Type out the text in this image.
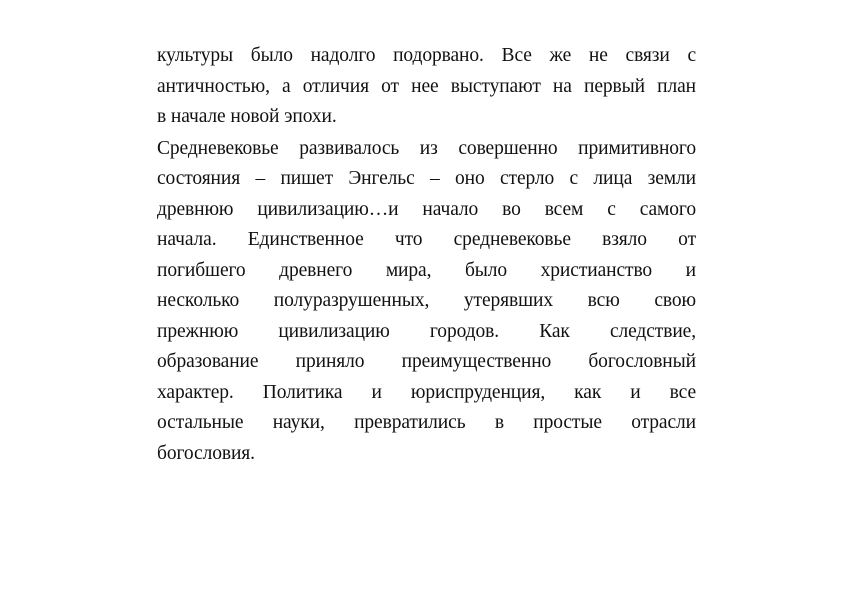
культуры было надолго подорвано. Все же не связи с
античностью, а отличия от нее выступают на первый план
в начале новой эпохи.
Средневековье развивалось из совершенно примитивного
состояния – пишет Энгельс – оно стерло с лица земли
древнюю цивилизацию…и начало во всем с самого
начала. Единственное что средневековье взяло от
погибшего древнего мира, было христианство и
несколько полуразрушенных, утерявших всю свою
прежнюю цивилизацию городов. Как следствие,
образование приняло преимущественно богословный
характер. Политика и юриспруденция, как и все
остальные науки, превратились в простые отрасли
богословия.
